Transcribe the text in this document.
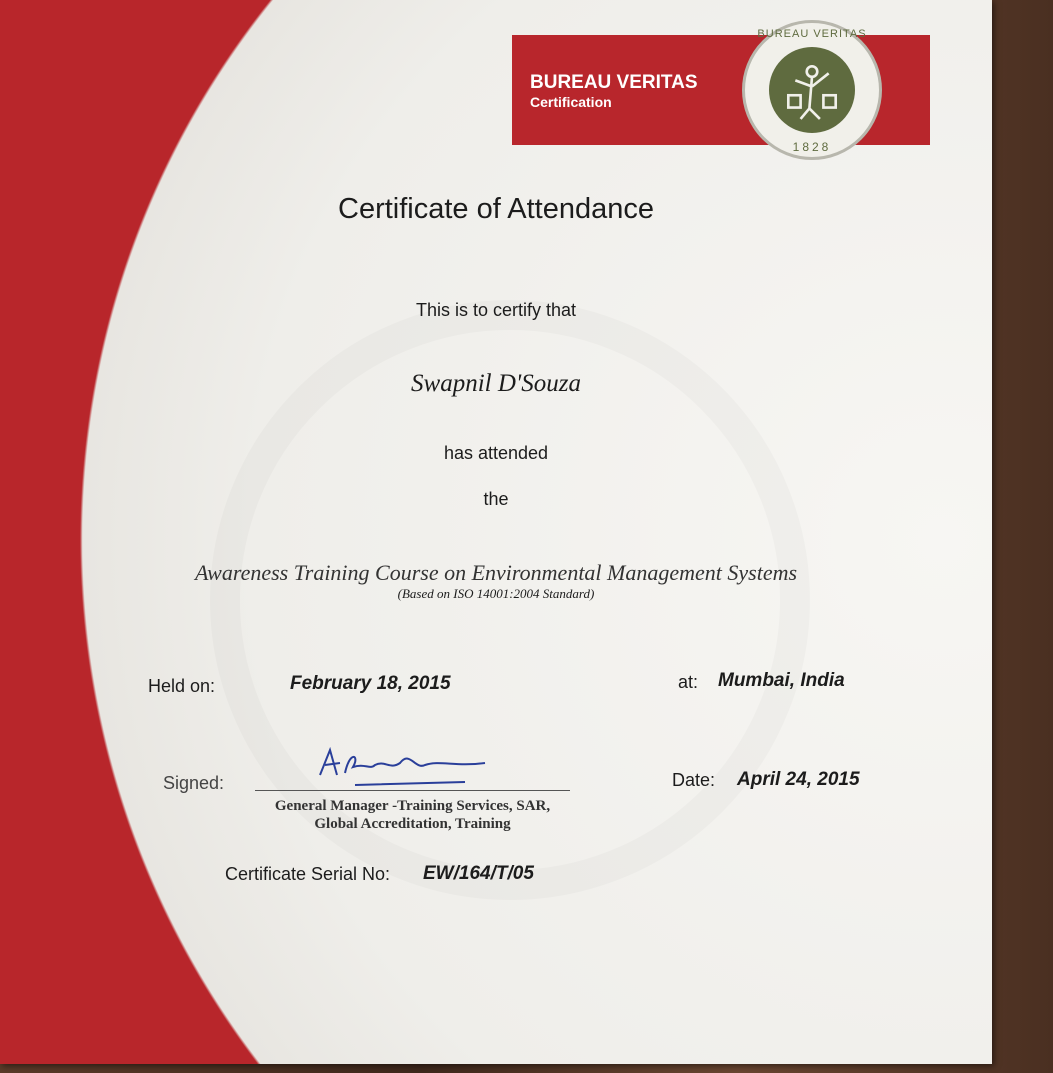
BUREAU VERITAS
Certification
BUREAU VERITAS
1828
Certificate of Attendance
This is to certify that
Swapnil D'Souza
has attended
the
Awareness Training Course on Environmental Management Systems
(Based on ISO 14001:2004 Standard)
Held on:	February 18, 2015	at: Mumbai, India
Signed:
General Manager -Training Services, SAR,
Global Accreditation, Training
Date: April 24, 2015
Certificate Serial No: EW/164/T/05
